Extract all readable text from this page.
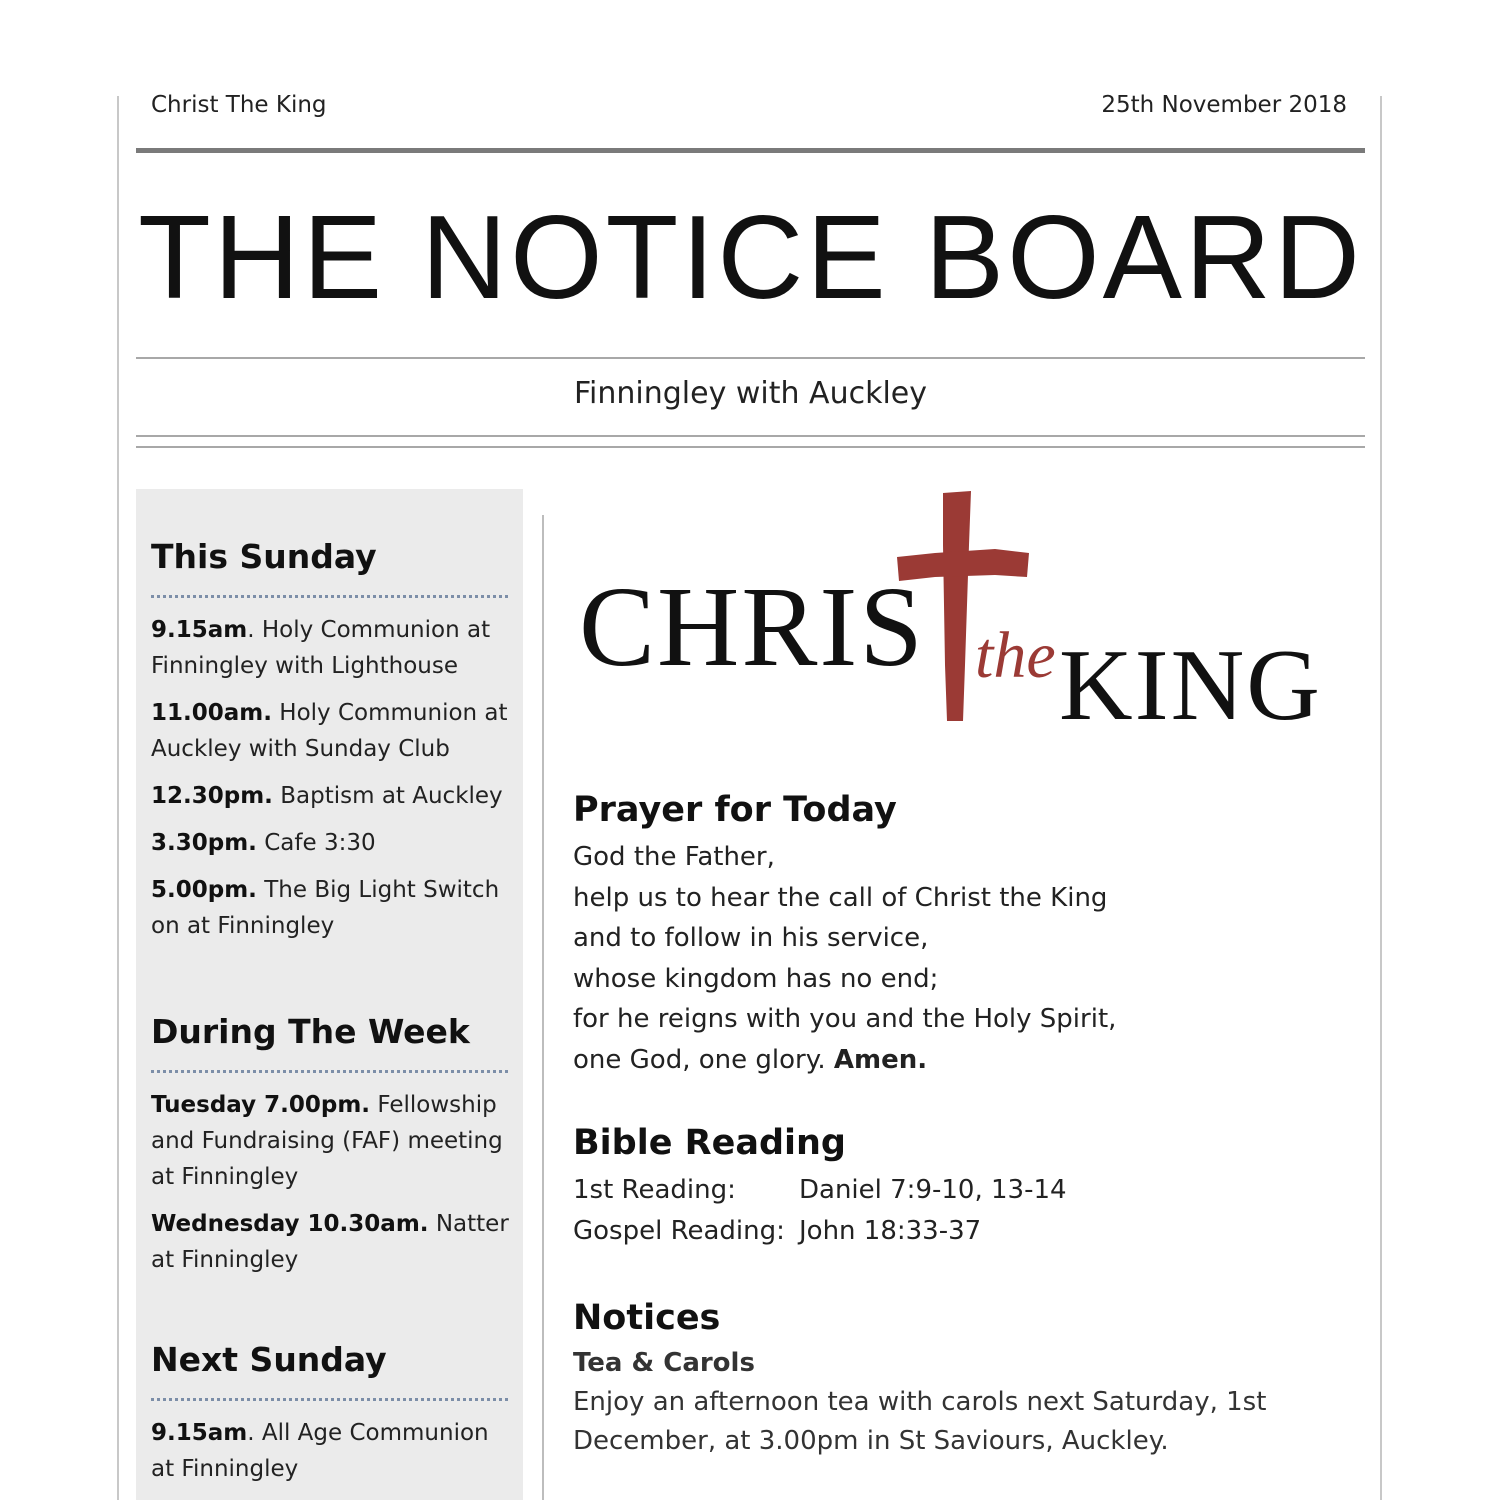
Christ The King	25th November 2018
THE NOTICE BOARD
Finningley with Auckley
This Sunday
9.15am. Holy Communion at Finningley with Lighthouse
11.00am. Holy Communion at Auckley with Sunday Club
12.30pm. Baptism at Auckley
3.30pm. Cafe 3:30
5.00pm. The Big Light Switch on at Finningley
During The Week
Tuesday 7.00pm. Fellowship and Fundraising (FAF) meeting at Finningley
Wednesday 10.30am. Natter at Finningley
Next Sunday
9.15am. All Age Communion at Finningley
CHRIS the KING
Prayer for Today
God the Father,
help us to hear the call of Christ the King
and to follow in his service,
whose kingdom has no end;
for he reigns with you and the Holy Spirit,
one God, one glory. Amen.
Bible Reading
1st Reading: Daniel 7:9-10, 13-14
Gospel Reading: John 18:33-37
Notices
Tea & Carols
Enjoy an afternoon tea with carols next Saturday, 1st December, at 3.00pm in St Saviours, Auckley.
